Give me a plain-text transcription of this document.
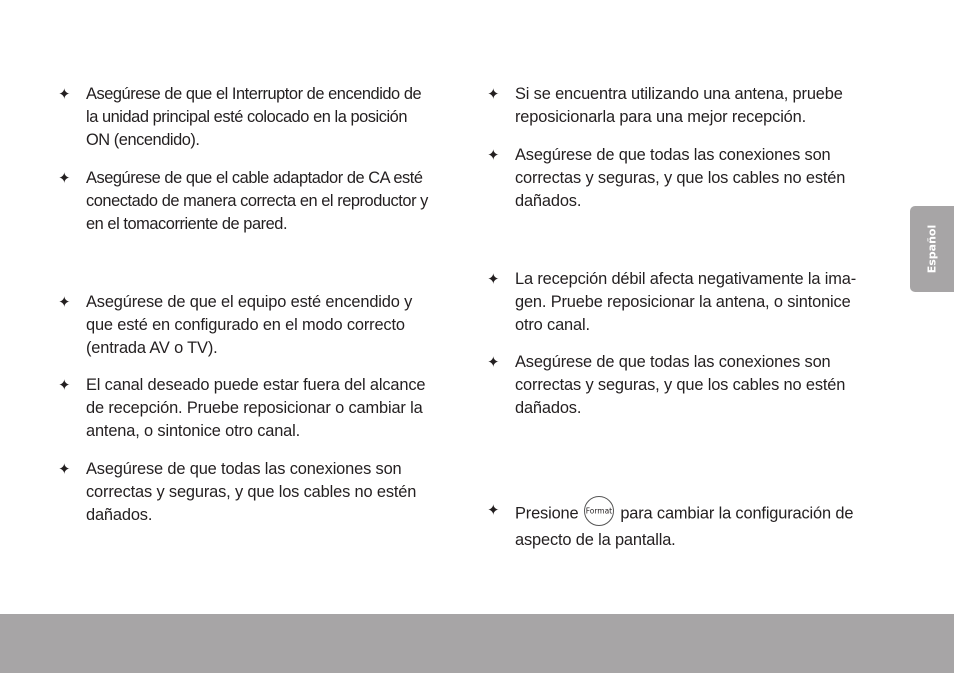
✦ Asegúrese de que el Interruptor de encendido de
la unidad principal esté colocado en la posición
ON (encendido).
✦ Asegúrese de que el cable adaptador de CA esté
conectado de manera correcta en el reproductor y
en el tomacorriente de pared.
✦ Asegúrese de que el equipo esté encendido y
que esté en configurado en el modo correcto
(entrada AV o TV).
✦ El canal deseado puede estar fuera del alcance
de recepción. Pruebe reposicionar o cambiar la
antena, o sintonice otro canal.
✦ Asegúrese de que todas las conexiones son
correctas y seguras, y que los cables no estén
dañados.
✦ Si se encuentra utilizando una antena, pruebe
reposicionarla para una mejor recepción.
✦ Asegúrese de que todas las conexiones son
correctas y seguras, y que los cables no estén
dañados.
✦ La recepción débil afecta negativamente la ima-
gen. Pruebe reposicionar la antena, o sintonice
otro canal.
✦ Asegúrese de que todas las conexiones son
correctas y seguras, y que los cables no estén
dañados.
✦ Presione Format para cambiar la configuración de
aspecto de la pantalla.
Español
